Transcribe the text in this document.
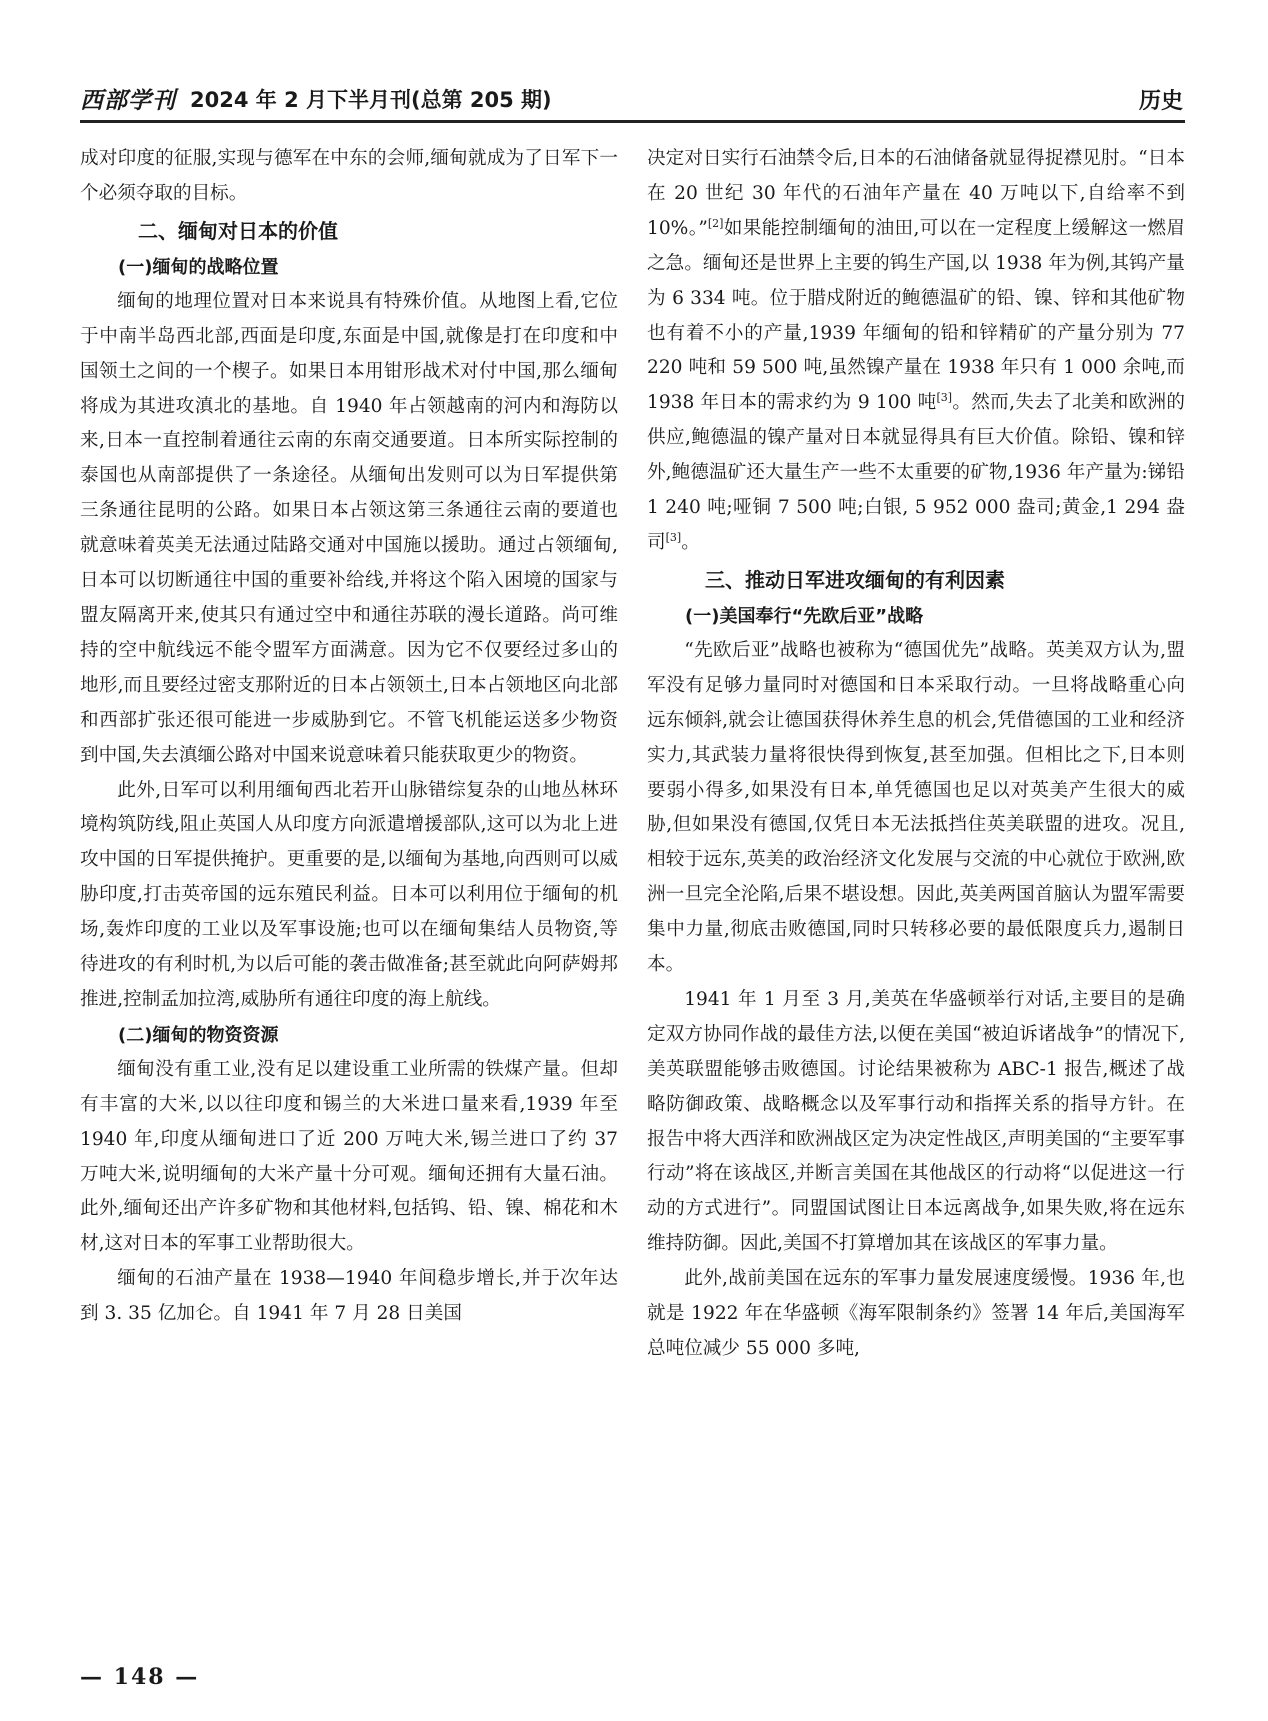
西部学刊 2024 年 2 月下半月刊(总第 205 期)	历史

成对印度的征服,实现与德军在中东的会师,缅甸就成为了日军下一个必须夺取的目标。

二、缅甸对日本的价值
(一)缅甸的战略位置

缅甸的地理位置对日本来说具有特殊价值。从地图上看,它位于中南半岛西北部,西面是印度,东面是中国,就像是打在印度和中国领土之间的一个楔子。如果日本用钳形战术对付中国,那么缅甸将成为其进攻滇北的基地。自 1940 年占领越南的河内和海防以来,日本一直控制着通往云南的东南交通要道。日本所实际控制的泰国也从南部提供了一条途径。从缅甸出发则可以为日军提供第三条通往昆明的公路。如果日本占领这第三条通往云南的要道也就意味着英美无法通过陆路交通对中国施以援助。通过占领缅甸,日本可以切断通往中国的重要补给线,并将这个陷入困境的国家与盟友隔离开来,使其只有通过空中和通往苏联的漫长道路。尚可维持的空中航线远不能令盟军方面满意。因为它不仅要经过多山的地形,而且要经过密支那附近的日本占领领土,日本占领地区向北部和西部扩张还很可能进一步威胁到它。不管飞机能运送多少物资到中国,失去滇缅公路对中国来说意味着只能获取更少的物资。

此外,日军可以利用缅甸西北若开山脉错综复杂的山地丛林环境构筑防线,阻止英国人从印度方向派遣增援部队,这可以为北上进攻中国的日军提供掩护。更重要的是,以缅甸为基地,向西则可以威胁印度,打击英帝国的远东殖民利益。日本可以利用位于缅甸的机场,轰炸印度的工业以及军事设施;也可以在缅甸集结人员物资,等待进攻的有利时机,为以后可能的袭击做准备;甚至就此向阿萨姆邦推进,控制孟加拉湾,威胁所有通往印度的海上航线。

(二)缅甸的物资资源

缅甸没有重工业,没有足以建设重工业所需的铁煤产量。但却有丰富的大米,以以往印度和锡兰的大米进口量来看,1939 年至 1940 年,印度从缅甸进口了近 200 万吨大米,锡兰进口了约 37 万吨大米,说明缅甸的大米产量十分可观。缅甸还拥有大量石油。此外,缅甸还出产许多矿物和其他材料,包括钨、铅、镍、棉花和木材,这对日本的军事工业帮助很大。

缅甸的石油产量在 1938—1940 年间稳步增长,并于次年达到 3. 35 亿加仑。自 1941 年 7 月 28 日美国

决定对日实行石油禁令后,日本的石油储备就显得捉襟见肘。“日本在 20 世纪 30 年代的石油年产量在 40 万吨以下,自给率不到 10%。”[2]如果能控制缅甸的油田,可以在一定程度上缓解这一燃眉之急。缅甸还是世界上主要的钨生产国,以 1938 年为例,其钨产量为 6 334 吨。位于腊戍附近的鲍德温矿的铅、镍、锌和其他矿物也有着不小的产量,1939 年缅甸的铅和锌精矿的产量分别为 77 220 吨和 59 500 吨,虽然镍产量在 1938 年只有 1 000 余吨,而 1938 年日本的需求约为 9 100 吨[3]。然而,失去了北美和欧洲的供应,鲍德温的镍产量对日本就显得具有巨大价值。除铅、镍和锌外,鲍德温矿还大量生产一些不太重要的矿物,1936 年产量为:锑铅 1 240 吨;哑铜 7 500 吨;白银, 5 952 000 盎司;黄金,1 294 盎司[3]。

三、推动日军进攻缅甸的有利因素
(一)美国奉行“先欧后亚”战略

“先欧后亚”战略也被称为“德国优先”战略。英美双方认为,盟军没有足够力量同时对德国和日本采取行动。一旦将战略重心向远东倾斜,就会让德国获得休养生息的机会,凭借德国的工业和经济实力,其武装力量将很快得到恢复,甚至加强。但相比之下,日本则要弱小得多,如果没有日本,单凭德国也足以对英美产生很大的威胁,但如果没有德国,仅凭日本无法抵挡住英美联盟的进攻。况且,相较于远东,英美的政治经济文化发展与交流的中心就位于欧洲,欧洲一旦完全沦陷,后果不堪设想。因此,英美两国首脑认为盟军需要集中力量,彻底击败德国,同时只转移必要的最低限度兵力,遏制日本。

1941 年 1 月至 3 月,美英在华盛顿举行对话,主要目的是确定双方协同作战的最佳方法,以便在美国“被迫诉诸战争”的情况下,美英联盟能够击败德国。讨论结果被称为 ABC-1 报告,概述了战略防御政策、战略概念以及军事行动和指挥关系的指导方针。在报告中将大西洋和欧洲战区定为决定性战区,声明美国的“主要军事行动”将在该战区,并断言美国在其他战区的行动将“以促进这一行动的方式进行”。同盟国试图让日本远离战争,如果失败,将在远东维持防御。因此,美国不打算增加其在该战区的军事力量。

此外,战前美国在远东的军事力量发展速度缓慢。1936 年,也就是 1922 年在华盛顿《海军限制条约》签署 14 年后,美国海军总吨位减少 55 000 多吨,

— 148 —
